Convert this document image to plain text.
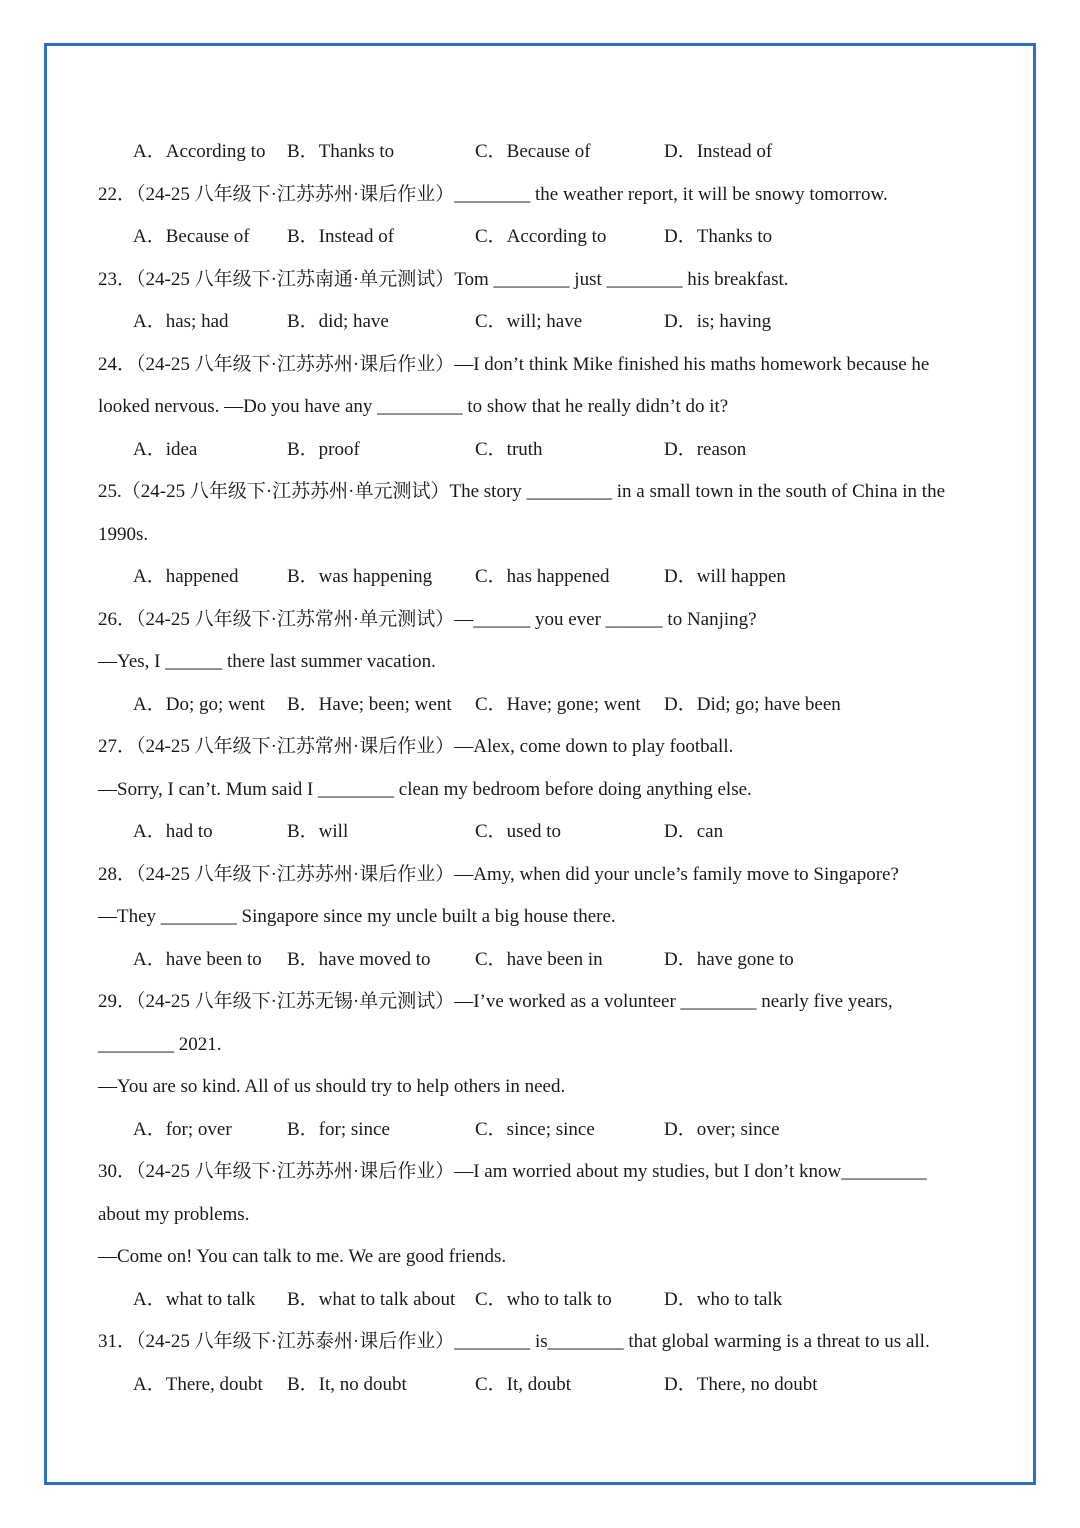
A．According to B．Thanks to	C．Because of	D．Instead of
22．（24-25 八年级下·江苏苏州·课后作业）________ the weather report, it will be snowy tomorrow.
A．Because of B．Instead of	C．According to	D．Thanks to
23．（24-25 八年级下·江苏南通·单元测试）Tom ________ just ________ his breakfast.
A．has; had	B．did; have	C．will; have	D．is; having
24．（24-25 八年级下·江苏苏州·课后作业）—I don’t think Mike finished his maths homework because he
looked nervous. —Do you have any _________ to show that he really didn’t do it?
A．idea	B．proof	C．truth	D．reason
25.（24-25 八年级下·江苏苏州·单元测试）The story _________ in a small town in the south of China in the
1990s.
A．happened	B．was happening C．has happened	D．will happen
26．（24-25 八年级下·江苏常州·单元测试）—______ you ever ______ to Nanjing?
—Yes, I ______ there last summer vacation.
A．Do; go; went B．Have; been; went C．Have; gone; went D．Did; go; have been
27．（24-25 八年级下·江苏常州·课后作业）—Alex, come down to play football.
—Sorry, I can’t. Mum said I ________ clean my bedroom before doing anything else.
A．had to	B．will	C．used to	D．can
28．（24-25 八年级下·江苏苏州·课后作业）—Amy, when did your uncle’s family move to Singapore?
—They ________ Singapore since my uncle built a big house there.
A．have been to B．have moved to C．have been in	D．have gone to
29．（24-25 八年级下·江苏无锡·单元测试）—I’ve worked as a volunteer ________ nearly five years,
________ 2021.
—You are so kind. All of us should try to help others in need.
A．for; over	B．for; since	C．since; since	D．over; since
30．（24-25 八年级下·江苏苏州·课后作业）—I am worried about my studies, but I don’t know_________
about my problems.
—Come on! You can talk to me. We are good friends.
A．what to talk B．what to talk about C．who to talk to	D．who to talk
31．（24-25 八年级下·江苏泰州·课后作业）________ is________ that global warming is a threat to us all.
A．There, doubt B．It, no doubt	C．It, doubt	D．There, no doubt
